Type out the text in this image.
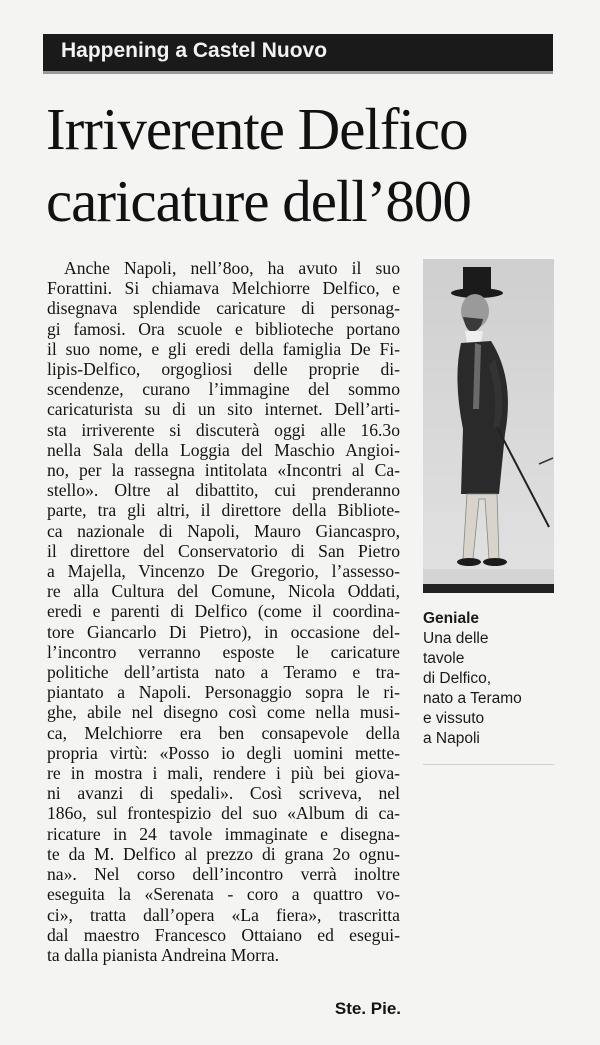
Happening a Castel Nuovo
Irriverente Delfico
caricature dell’800
Anche Napoli, nell’8oo, ha avuto il suo
Forattini. Si chiamava Melchiorre Delfico, e
disegnava splendide caricature di personag-
gi famosi. Ora scuole e biblioteche portano
il suo nome, e gli eredi della famiglia De Fi-
lipis-Delfico, orgogliosi delle proprie di-
scendenze, curano l’immagine del sommo
caricaturista su di un sito internet. Dell’arti-
sta irriverente si discuterà oggi alle 16.3o
nella Sala della Loggia del Maschio Angioi-
no, per la rassegna intitolata «Incontri al Ca-
stello». Oltre al dibattito, cui prenderanno
parte, tra gli altri, il direttore della Bibliote-
ca nazionale di Napoli, Mauro Giancaspro,
il direttore del Conservatorio di San Pietro
a Majella, Vincenzo De Gregorio, l’assesso-
re alla Cultura del Comune, Nicola Oddati,
eredi e parenti di Delfico (come il coordina-
tore Giancarlo Di Pietro), in occasione del-
l’incontro verranno esposte le caricature
politiche dell’artista nato a Teramo e tra-
piantato a Napoli. Personaggio sopra le ri-
ghe, abile nel disegno così come nella musi-
ca, Melchiorre era ben consapevole della
propria virtù: «Posso io degli uomini mette-
re in mostra i mali, rendere i più bei giova-
ni avanzi di spedali». Così scriveva, nel
186o, sul frontespizio del suo «Album di ca-
ricature in 24 tavole immaginate e disegna-
te da M. Delfico al prezzo di grana 2o ognu-
na». Nel corso dell’incontro verrà inoltre
eseguita la «Serenata - coro a quattro vo-
ci», tratta dall’opera «La fiera», trascritta
dal maestro Francesco Ottaiano ed esegui-
ta dalla pianista Andreina Morra.
Ste. Pie.
Geniale
Una delle
tavole
di Delfico,
nato a Teramo
e vissuto
a Napoli
